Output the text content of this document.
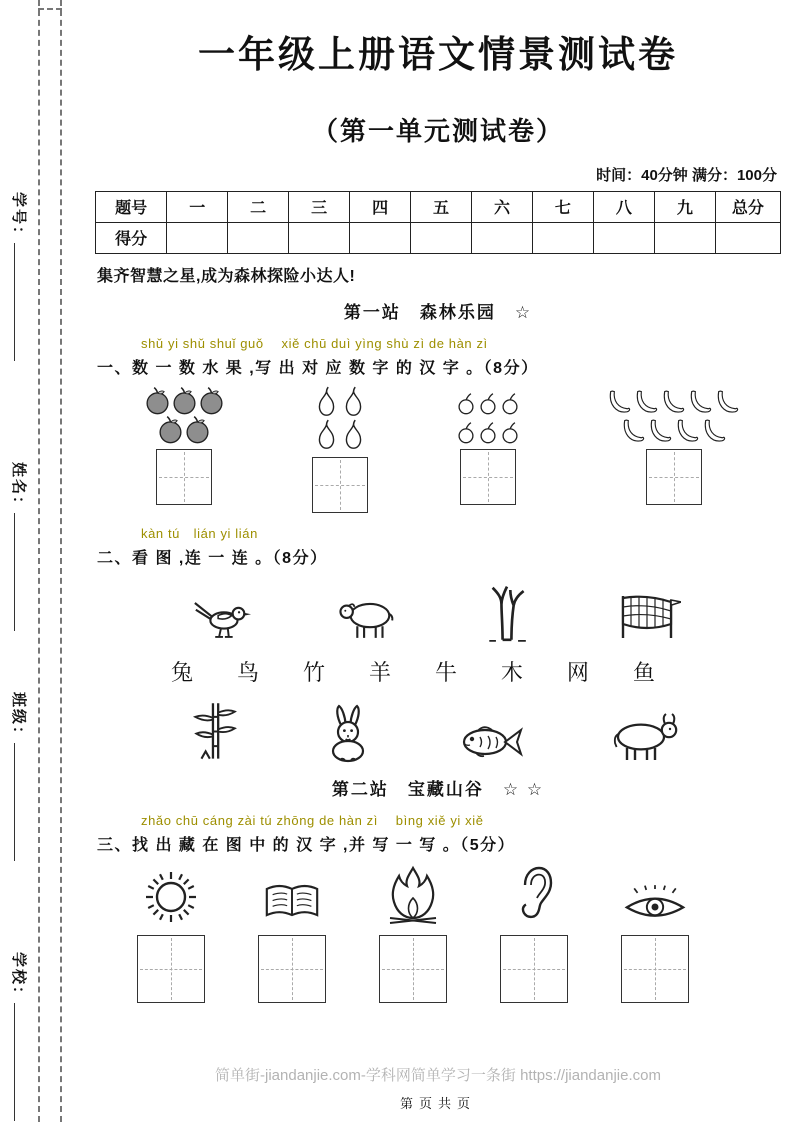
学号：
姓名：
班级：
学校：
一年级上册语文情景测试卷
（第一单元测试卷）
时间：40分钟 满分：100分
题号	一	二	三	四	五	六	七	八	九	总分
得分										
集齐智慧之星,成为森林探险小达人!
第一站　森林乐园　☆
shǔ yi shǔ shuǐ guǒ　 xiě chū duì yìng shù zì de hàn zì
一、数 一 数 水 果 ,写 出 对 应 数 字 的 汉 字 。（8分）
kàn tú　lián yi lián
二、看 图 ,连 一 连 。（8分）
兔 鸟 竹 羊 牛 木 网 鱼
第二站　宝藏山谷　☆ ☆
zhǎo chū cáng zài tú zhōng de hàn zì　 bìng xiě yi xiě
三、找 出 藏 在 图 中 的 汉 字 ,并 写 一 写 。（5分）
简单街-jiandanjie.com-学科网简单学习一条街 https://jiandanjie.com
第页共页
